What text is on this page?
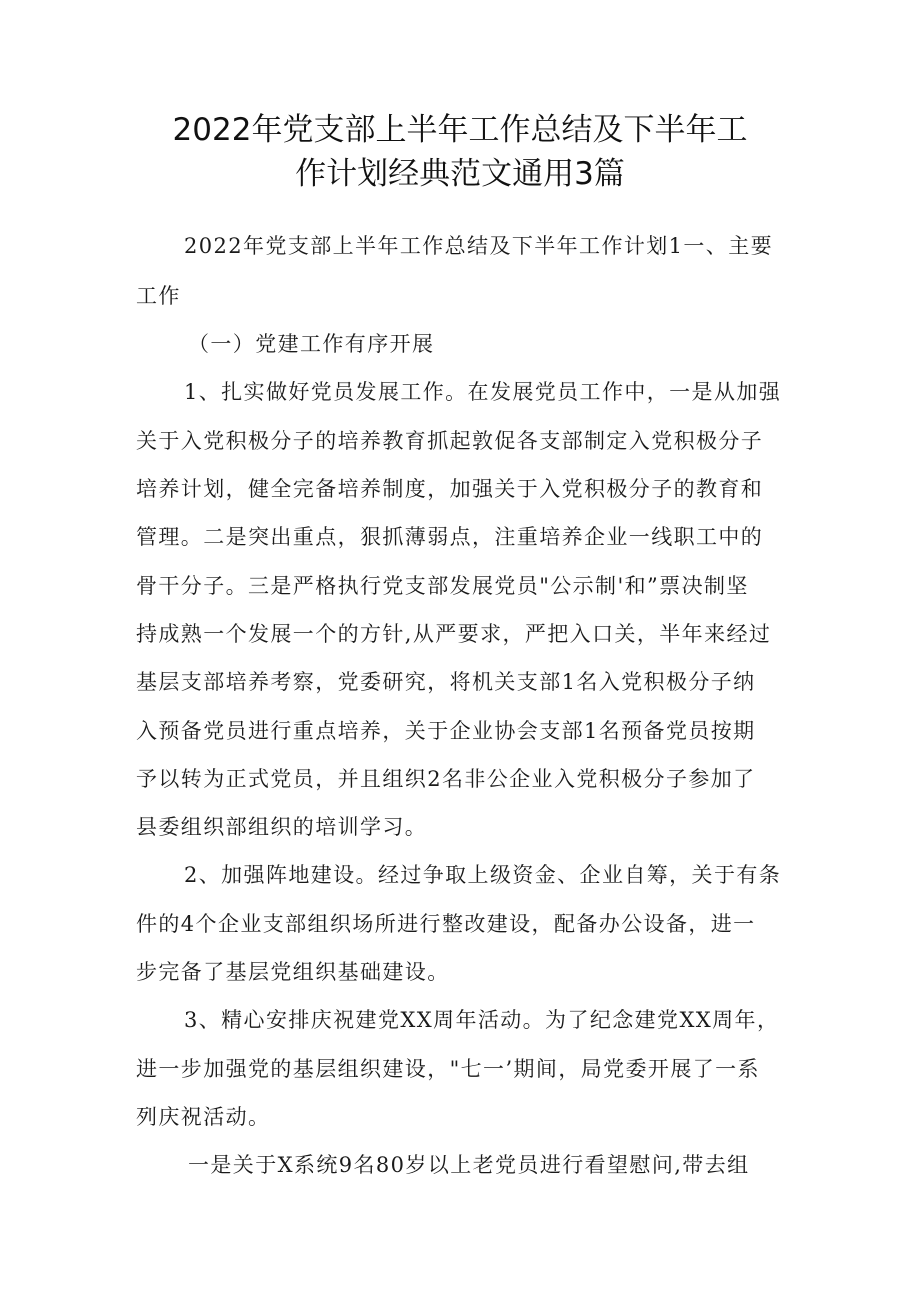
2022年党支部上半年工作总结及下半年工
作计划经典范文通用3篇
2022年党支部上半年工作总结及下半年工作计划1一、主要
工作
（一）党建工作有序开展
1、扎实做好党员发展工作。在发展党员工作中，一是从加强
关于入党积极分子的培养教育抓起敦促各支部制定入党积极分子
培养计划，健全完备培养制度，加强关于入党积极分子的教育和
管理。二是突出重点，狠抓薄弱点，注重培养企业一线职工中的
骨干分子。三是严格执行党支部发展党员"公示制'和”票决制坚
持成熟一个发展一个的方针,从严要求，严把入口关，半年来经过
基层支部培养考察，党委研究，将机关支部1名入党积极分子纳
入预备党员进行重点培养，关于企业协会支部1名预备党员按期
予以转为正式党员，并且组织2名非公企业入党积极分子参加了
县委组织部组织的培训学习。
2、加强阵地建设。经过争取上级资金、企业自筹，关于有条
件的4个企业支部组织场所进行整改建设，配备办公设备，进一
步完备了基层党组织基础建设。
3、精心安排庆祝建党XX周年活动。为了纪念建党XX周年，
进一步加强党的基层组织建设，"七一’期间，局党委开展了一系
列庆祝活动。
一是关于X系统9名80岁以上老党员进行看望慰问,带去组
